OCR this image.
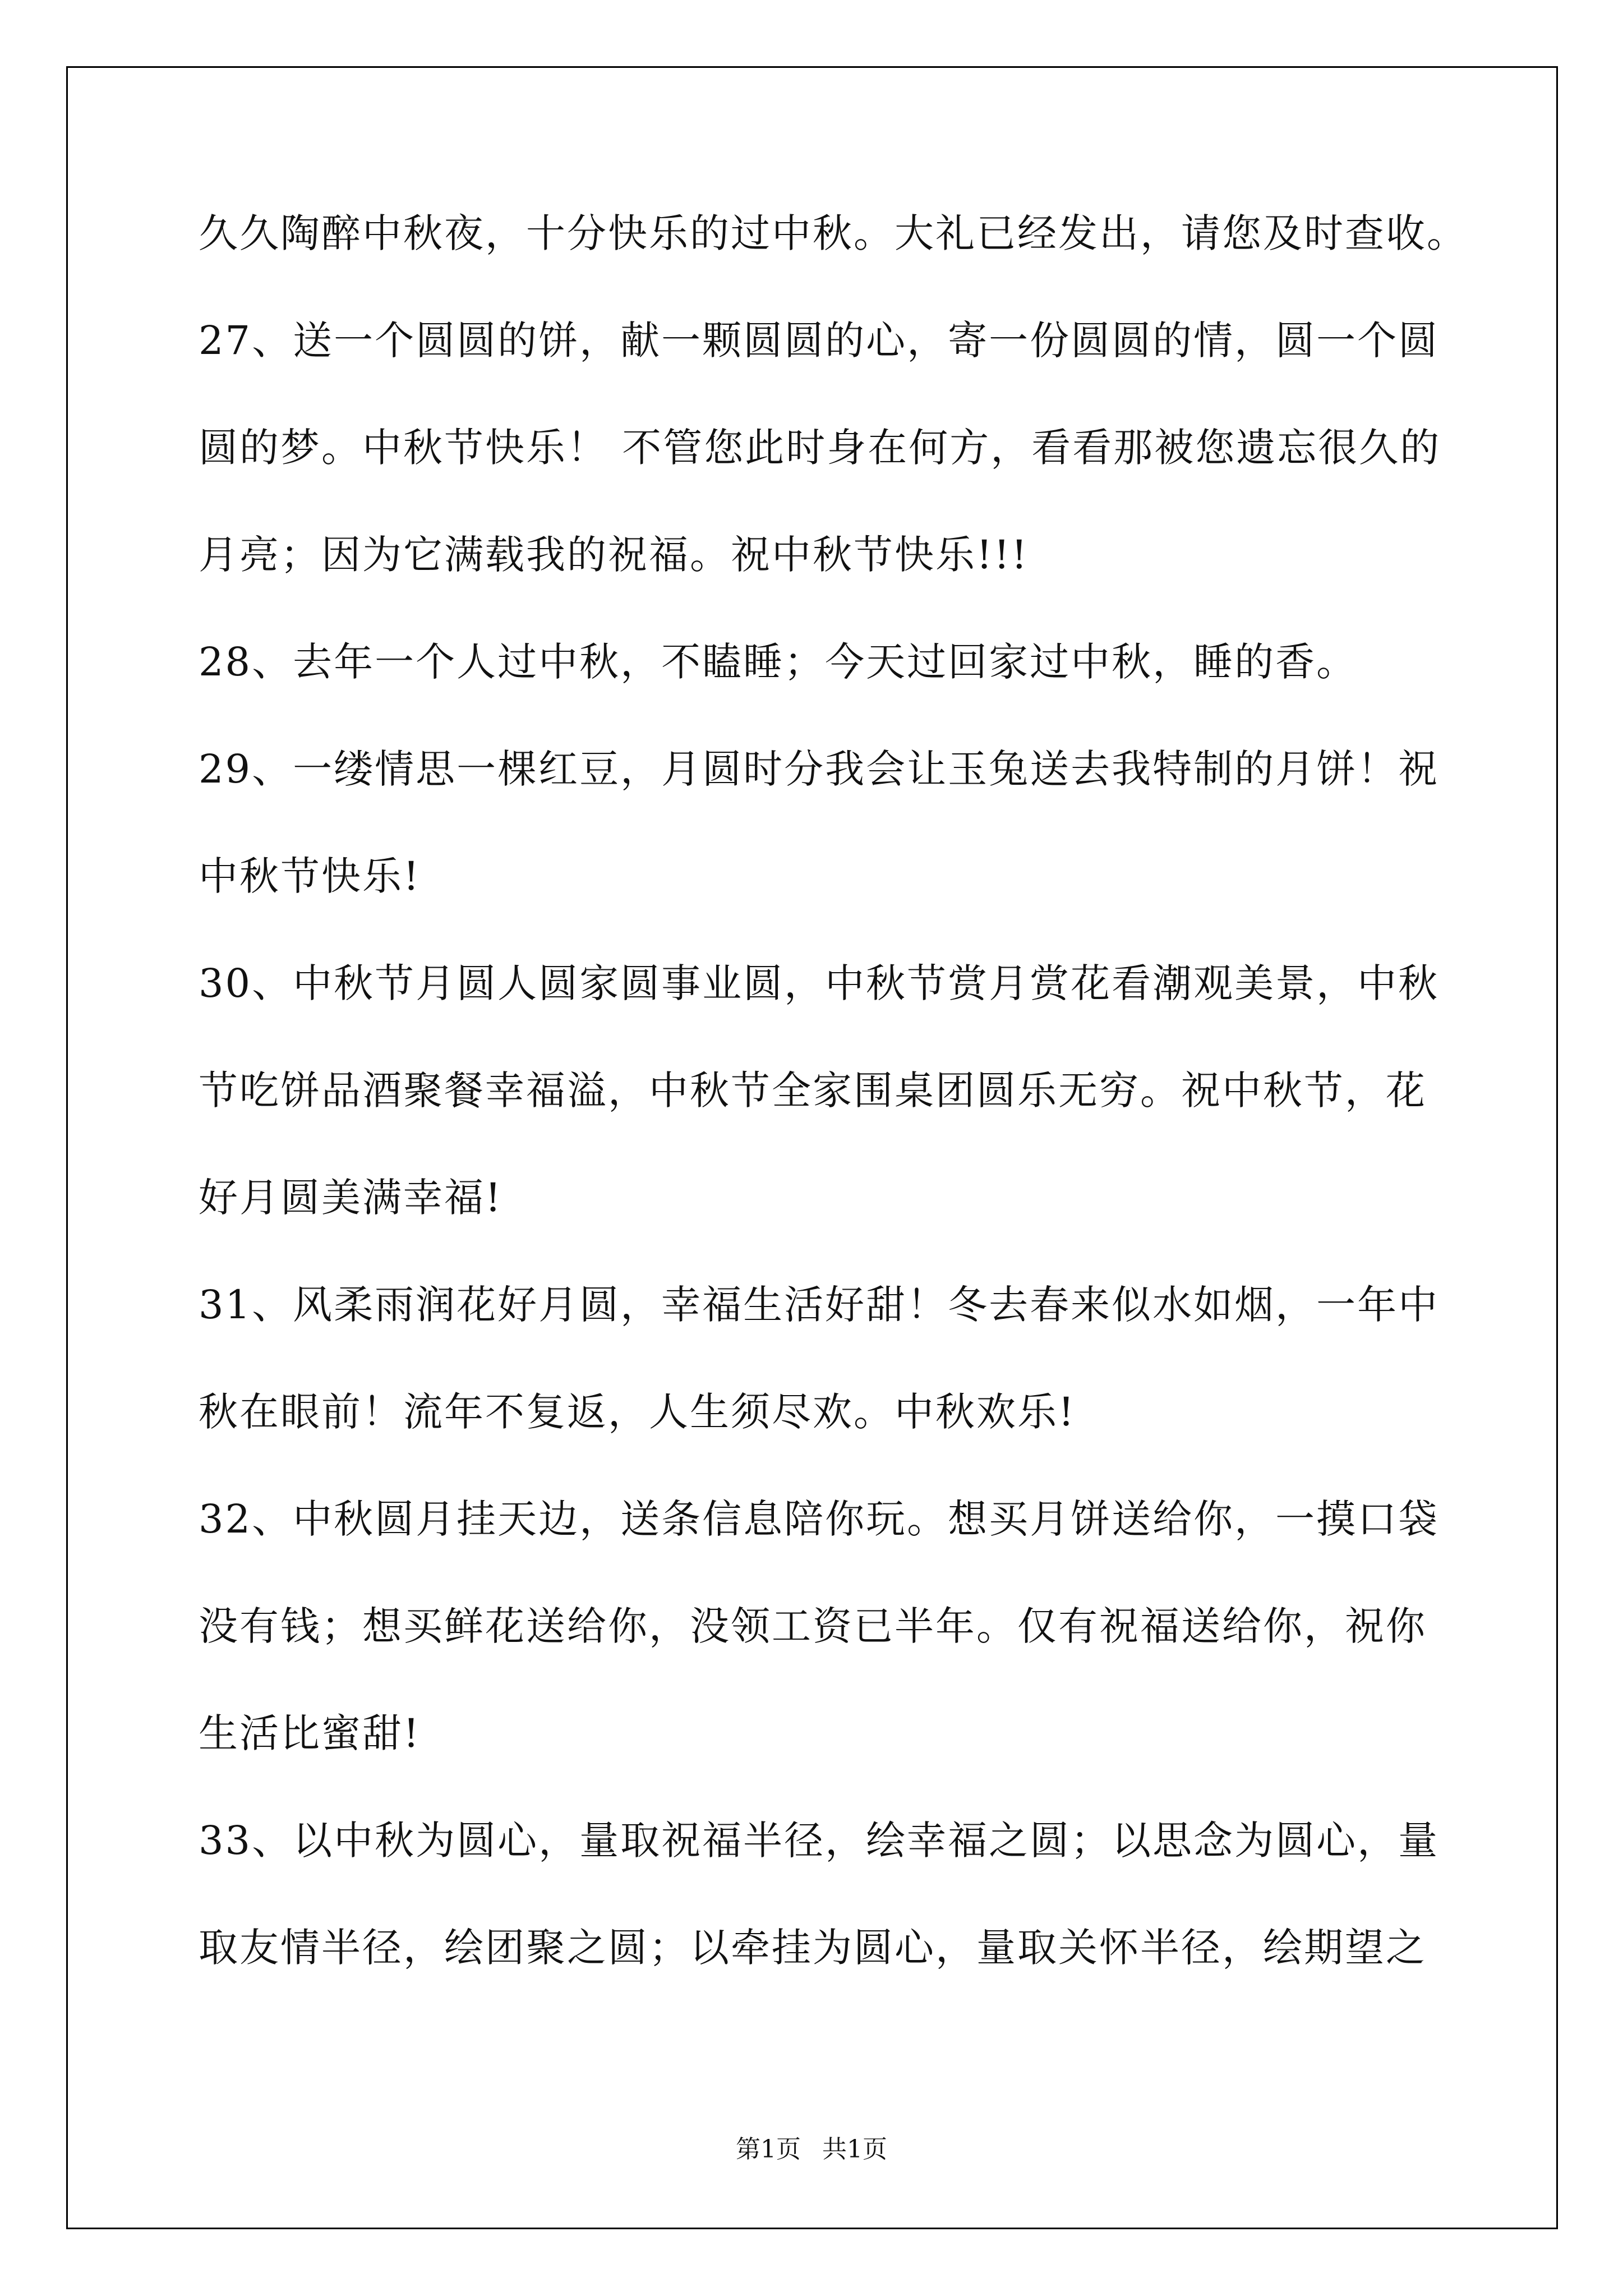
久久陶醉中秋夜，十分快乐的过中秋。大礼已经发出，请您及时查收。
27、送一个圆圆的饼，献一颗圆圆的心，寄一份圆圆的情，圆一个圆
圆的梦。中秋节快乐！ 不管您此时身在何方，看看那被您遗忘很久的
月亮；因为它满载我的祝福。祝中秋节快乐!!!
28、去年一个人过中秋，不瞌睡；今天过回家过中秋，睡的香。
29、一缕情思一棵红豆，月圆时分我会让玉兔送去我特制的月饼！祝
中秋节快乐!
30、中秋节月圆人圆家圆事业圆，中秋节赏月赏花看潮观美景，中秋
节吃饼品酒聚餐幸福溢，中秋节全家围桌团圆乐无穷。祝中秋节，花
好月圆美满幸福!
31、风柔雨润花好月圆，幸福生活好甜！冬去春来似水如烟，一年中
秋在眼前！流年不复返，人生须尽欢。中秋欢乐!
32、中秋圆月挂天边，送条信息陪你玩。想买月饼送给你，一摸口袋
没有钱；想买鲜花送给你，没领工资已半年。仅有祝福送给你，祝你
生活比蜜甜!
33、以中秋为圆心，量取祝福半径，绘幸福之圆；以思念为圆心，量
取友情半径，绘团聚之圆；以牵挂为圆心，量取关怀半径，绘期望之
第1页 共1页
